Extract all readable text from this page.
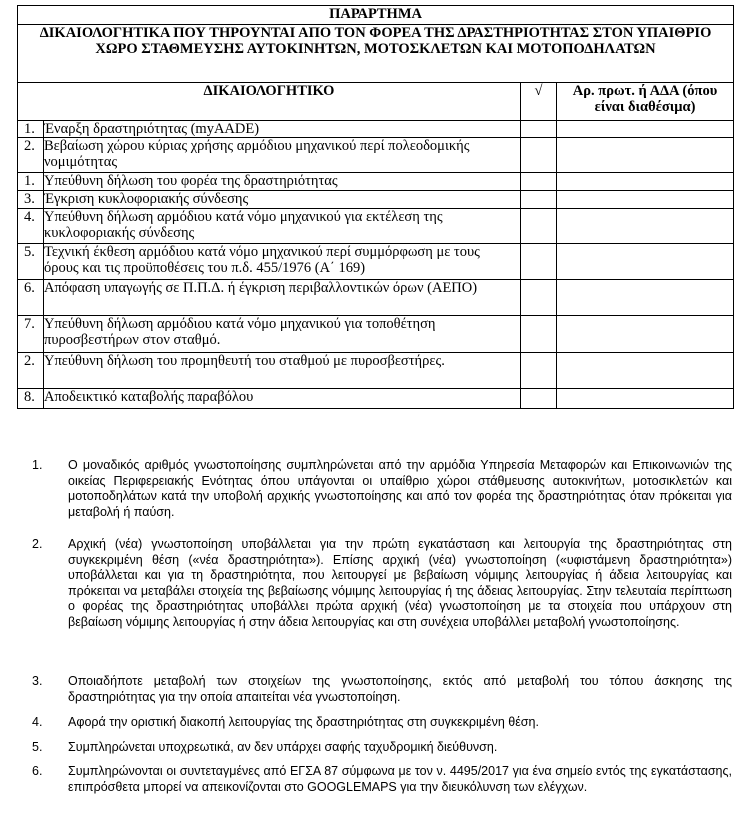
ΠΑΡΑΡΤΗΜΑ			
ΔΙΚΑΙΟΛΟΓΗΤΙΚΑ ΠΟΥ ΤΗΡΟΥΝΤΑΙ ΑΠΟ ΤΟΝ ΦΟΡΕΑ ΤΗΣ ΔΡΑΣΤΗΡΙΟΤΗΤΑΣ ΣΤΟΝ ΥΠΑΙΘΡΙΟ ΧΩΡΟ ΣΤΑΘΜΕΥΣΗΣ ΑΥΤΟΚΙΝΗΤΩΝ, ΜΟΤΟΣΚΛΕΤΩΝ ΚΑΙ ΜΟΤΟΠΟΔΗΛΑΤΩΝ			
ΔΙΚΑΙΟΛΟΓΗΤΙΚΟ		√	Αρ. πρωτ. ή ΑΔΑ (όπου είναι διαθέσιμα)
1.	Έναρξη δραστηριότητας (myAADE)		
2.	Βεβαίωση χώρου κύριας χρήσης αρμόδιου μηχανικού περί πολεοδομικής νομιμότητας		
1.	Υπεύθυνη δήλωση του φορέα της δραστηριότητας		
3.	Έγκριση κυκλοφοριακής σύνδεσης		
4.	Υπεύθυνη δήλωση αρμόδιου κατά νόμο μηχανικού για εκτέλεση της κυκλοφοριακής σύνδεσης		
5.	Τεχνική έκθεση αρμόδιου κατά νόμο μηχανικού περί συμμόρφωση με τους όρους και τις προϋποθέσεις του π.δ. 455/1976 (Α΄ 169)		
6.	Απόφαση υπαγωγής σε Π.Π.Δ. ή έγκριση περιβαλλοντικών όρων (ΑΕΠΟ)		
7.	Υπεύθυνη δήλωση αρμόδιου κατά νόμο μηχανικού για τοποθέτηση πυροσβεστήρων στον σταθμό.		
2.	Υπεύθυνη δήλωση του προμηθευτή του σταθμού με πυροσβεστήρες.		
8.	Αποδεικτικό καταβολής παραβόλου		
1.	Ο μοναδικός αριθμός γνωστοποίησης συμπληρώνεται από την αρμόδια Υπηρεσία Μεταφορών και Επικοινωνιών της οικείας Περιφερειακής Ενότητας όπου υπάγονται οι υπαίθριο χώροι στάθμευσης αυτοκινήτων, μοτοσικλετών και μοτοποδηλάτων κατά την υποβολή αρχικής γνωστοποίησης και από τον φορέα της δραστηριότητας όταν πρόκειται για μεταβολή ή παύση.
2.	Αρχική (νέα) γνωστοποίηση υποβάλλεται για την πρώτη εγκατάσταση και λειτουργία της δραστηριότητας στη συγκεκριμένη θέση («νέα δραστηριότητα»). Επίσης αρχική (νέα) γνωστοποίηση («υφιστάμενη δραστηριότητα») υποβάλλεται και για τη δραστηριότητα, που λειτουργεί με βεβαίωση νόμιμης λειτουργίας ή άδεια λειτουργίας και πρόκειται να μεταβάλει στοιχεία της βεβαίωσης νόμιμης λειτουργίας ή της άδειας λειτουργίας. Στην τελευταία περίπτωση ο φορέας της δραστηριότητας υποβάλλει πρώτα αρχική (νέα) γνωστοποίηση με τα στοιχεία που υπάρχουν στη βεβαίωση νόμιμης λειτουργίας ή στην άδεια λειτουργίας και στη συνέχεια υποβάλλει μεταβολή γνωστοποίησης.
3.	Οποιαδήποτε μεταβολή των στοιχείων της γνωστοποίησης, εκτός από μεταβολή του τόπου άσκησης της δραστηριότητας για την οποία απαιτείται νέα γνωστοποίηση.
4.	Αφορά την οριστική διακοπή λειτουργίας της δραστηριότητας στη συγκεκριμένη θέση.
5.	Συμπληρώνεται υποχρεωτικά, αν δεν υπάρχει σαφής ταχυδρομική διεύθυνση.
6.	Συμπληρώνονται οι συντεταγμένες από ΕΓΣΑ 87 σύμφωνα με τον ν. 4495/2017 για ένα σημείο εντός της εγκατάστασης, επιπρόσθετα μπορεί να απεικονίζονται στο GOOGLEMAPS για την διευκόλυνση των ελέγχων.
